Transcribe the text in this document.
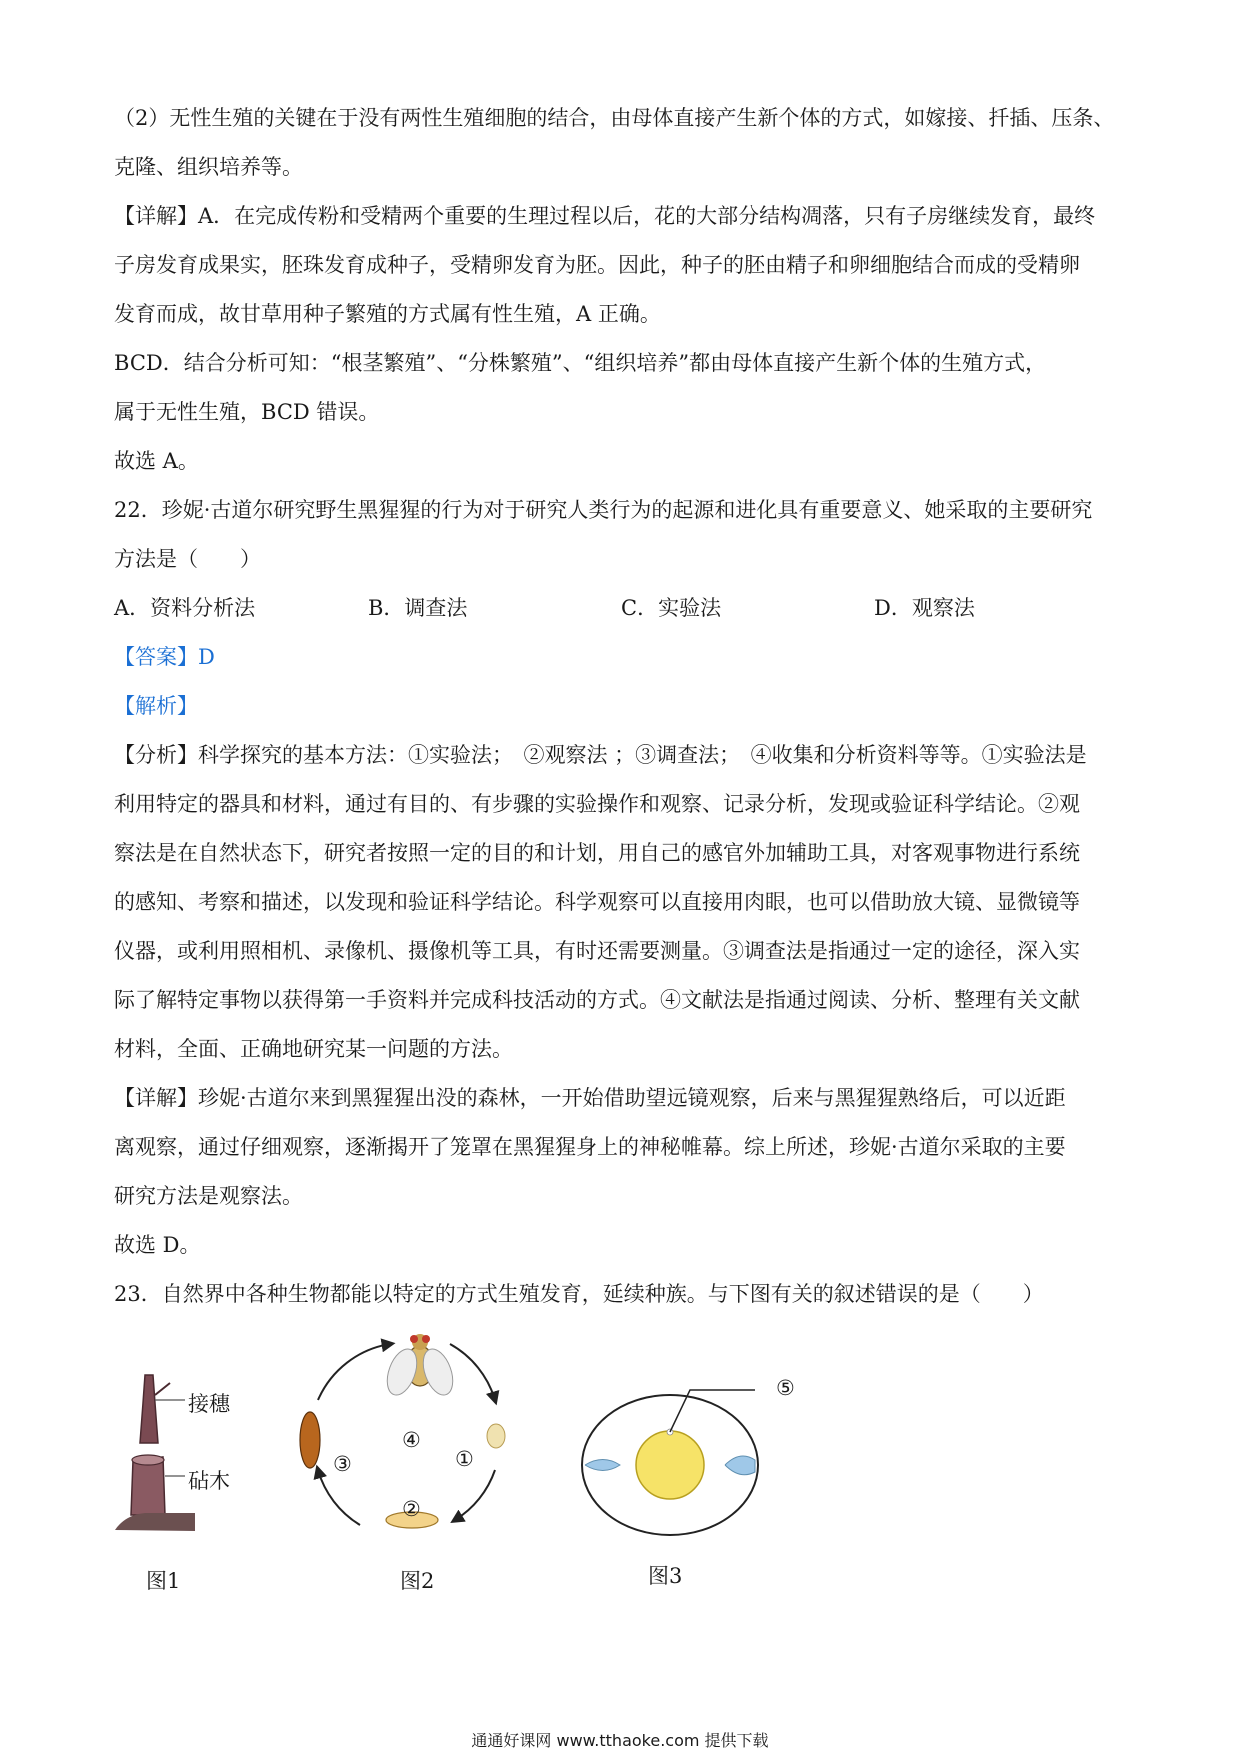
（2）无性生殖的关键在于没有两性生殖细胞的结合，由母体直接产生新个体的方式，如嫁接、扦插、压条、
克隆、组织培养等。
【详解】A．在完成传粉和受精两个重要的生理过程以后，花的大部分结构凋落，只有子房继续发育，最终
子房发育成果实，胚珠发育成种子，受精卵发育为胚。因此，种子的胚由精子和卵细胞结合而成的受精卵
发育而成，故甘草用种子繁殖的方式属有性生殖，A 正确。
BCD．结合分析可知：“根茎繁殖”、“分株繁殖”、“组织培养”都由母体直接产生新个体的生殖方式，
属于无性生殖，BCD 错误。
故选 A。
22．珍妮·古道尔研究野生黑猩猩的行为对于研究人类行为的起源和进化具有重要意义、她采取的主要研究
方法是（　　）
A．资料分析法	B．调查法	C．实验法	D．观察法
【答案】D
【解析】
【分析】科学探究的基本方法：①实验法；　②观察法 ；③调查法；　④收集和分析资料等等。①实验法是
利用特定的器具和材料，通过有目的、有步骤的实验操作和观察、记录分析，发现或验证科学结论。②观
察法是在自然状态下，研究者按照一定的目的和计划，用自己的感官外加辅助工具，对客观事物进行系统
的感知、考察和描述，以发现和验证科学结论。科学观察可以直接用肉眼，也可以借助放大镜、显微镜等
仪器，或利用照相机、录像机、摄像机等工具，有时还需要测量。③调查法是指通过一定的途径，深入实
际了解特定事物以获得第一手资料并完成科技活动的方式。④文献法是指通过阅读、分析、整理有关文献
材料，全面、正确地研究某一问题的方法。
【详解】珍妮·古道尔来到黑猩猩出没的森林，一开始借助望远镜观察，后来与黑猩猩熟络后，可以近距
离观察，通过仔细观察，逐渐揭开了笼罩在黑猩猩身上的神秘帷幕。综上所述，珍妮·古道尔采取的主要
研究方法是观察法。
故选 D。
23．自然界中各种生物都能以特定的方式生殖发育，延续种族。与下图有关的叙述错误的是（　　）
接穗
砧木
图1
④
①
②
③
图2
⑤
图3
通通好课网 www.tthaoke.com 提供下载
